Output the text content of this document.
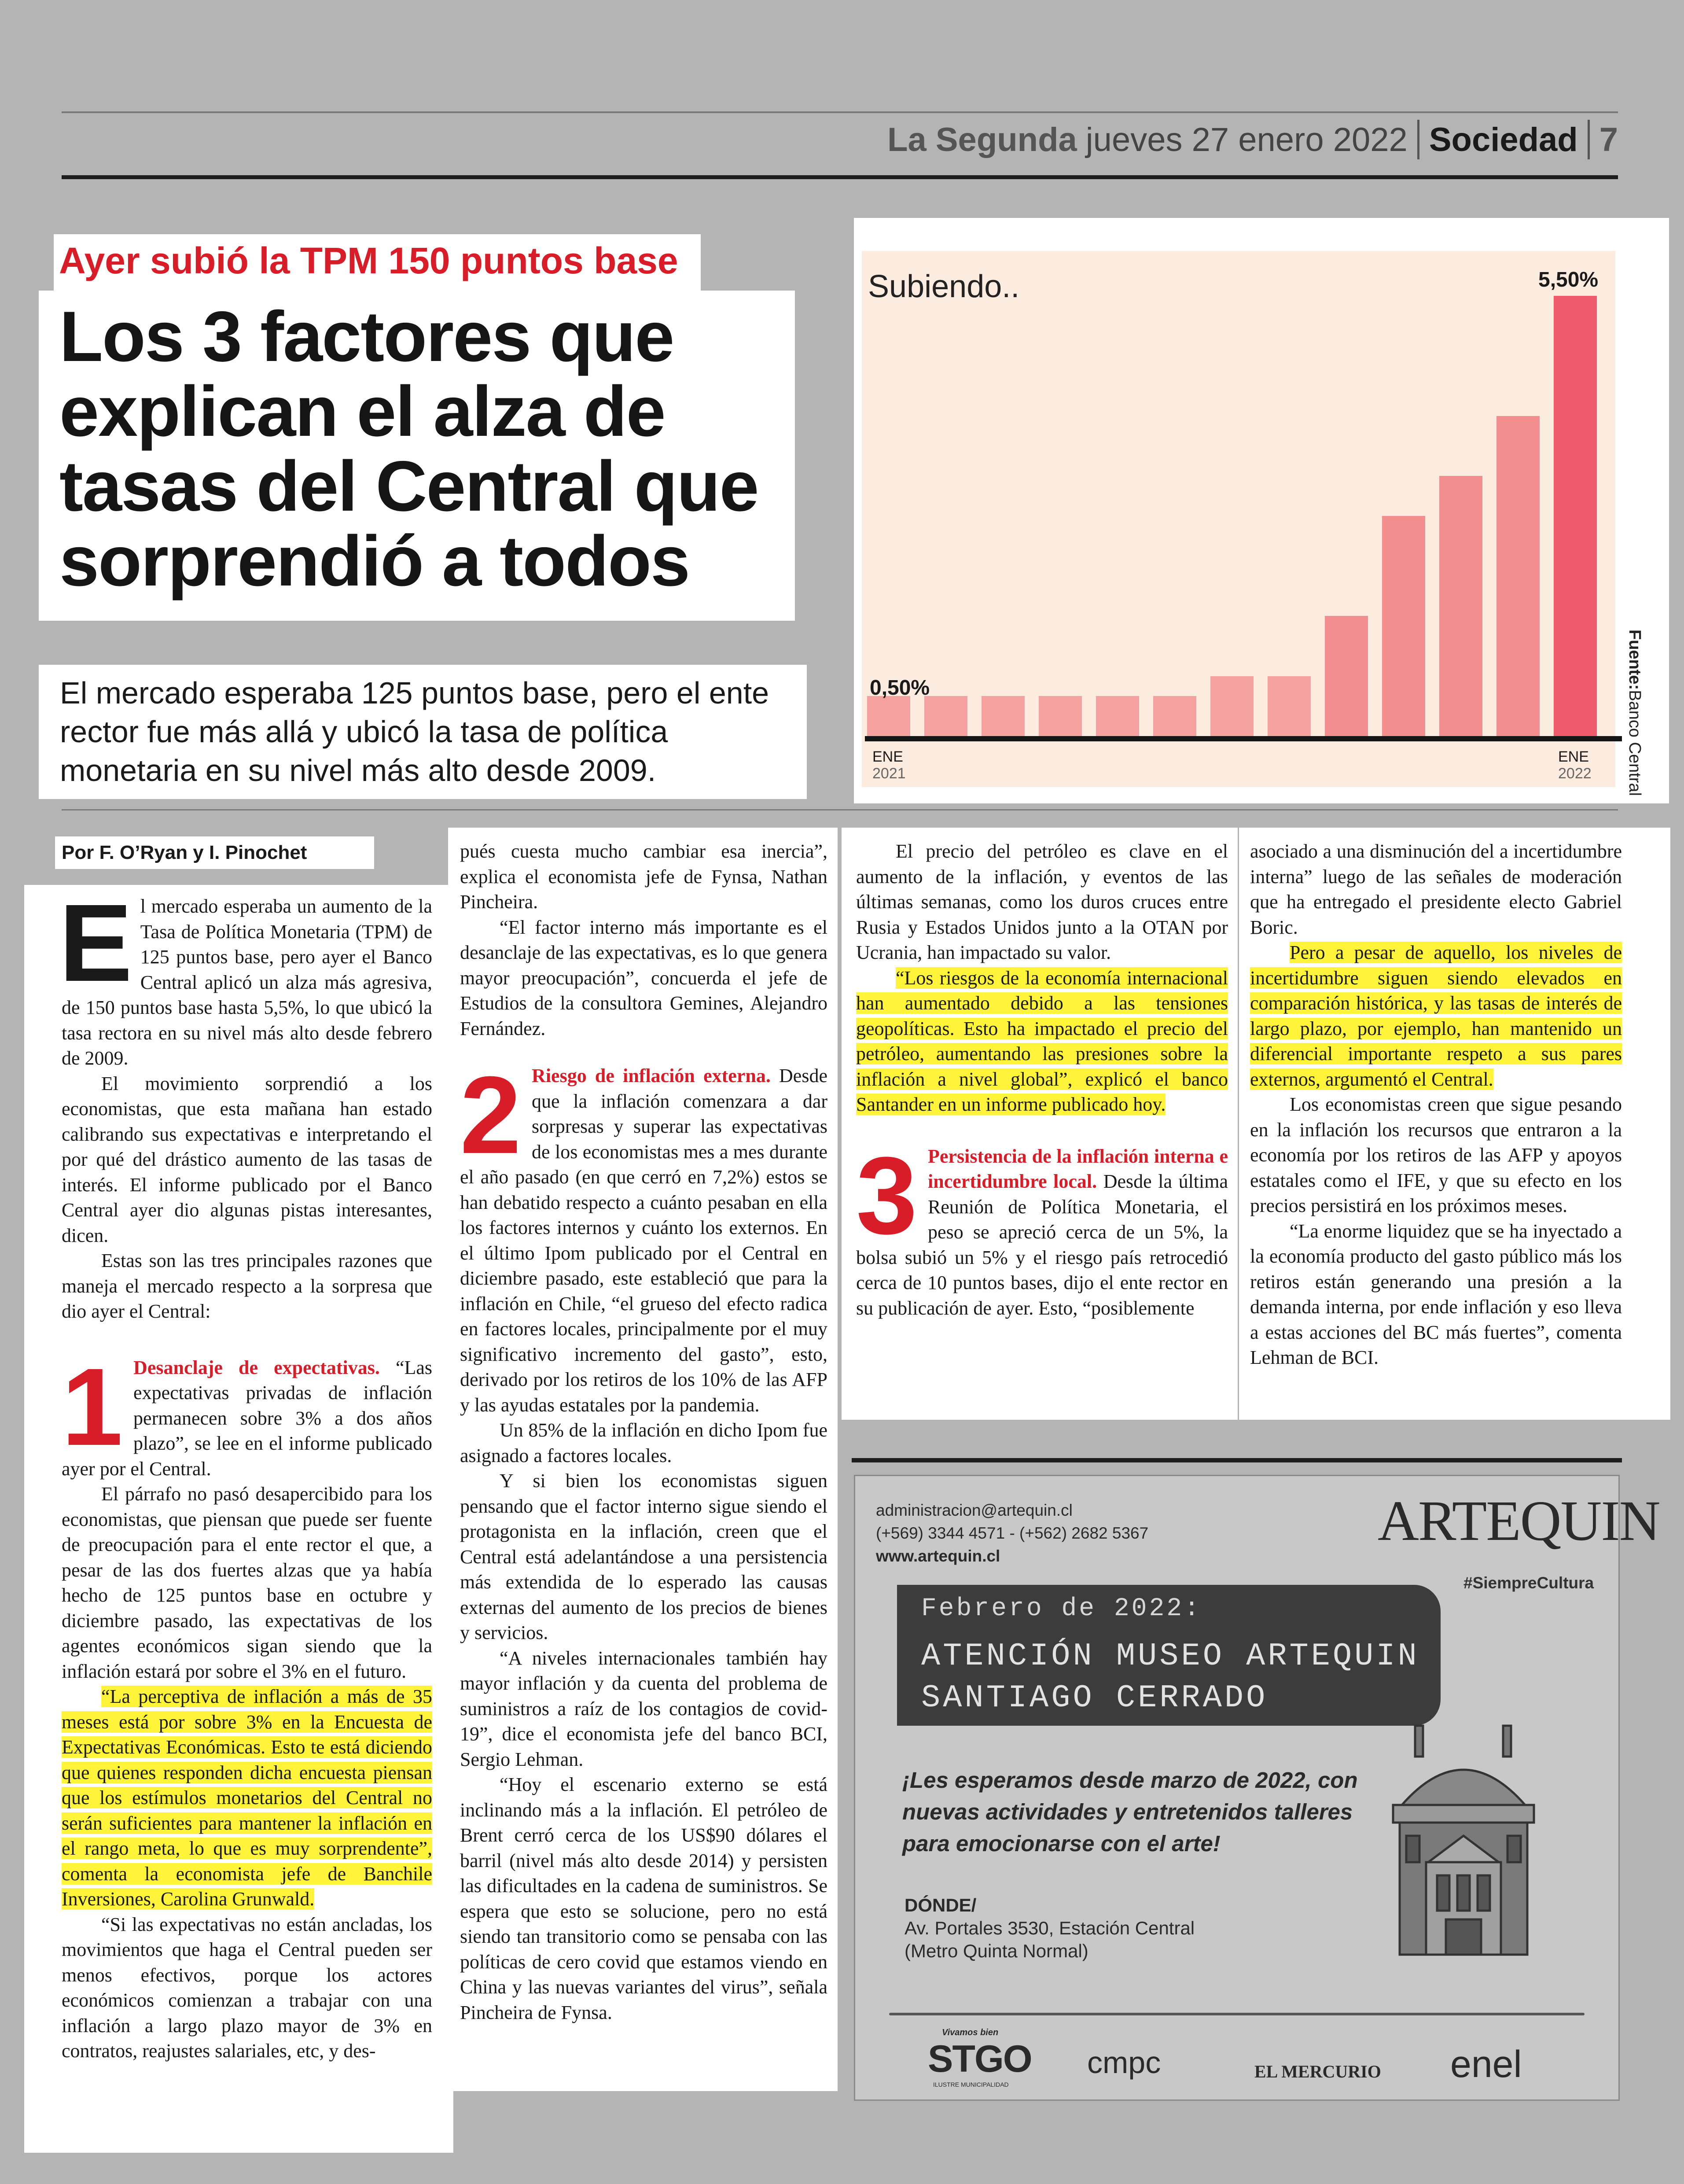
La Segunda jueves 27 enero 2022 Sociedad 7
Ayer subió la TPM 150 puntos base
Los 3 factores que explican el alza de tasas del Central que sorprendió a todos
El mercado esperaba 125 puntos base, pero el ente rector fue más allá y ubicó la tasa de política monetaria en su nivel más alto desde 2009.
Subiendo..
0,50%
5,50%
ENE
2021
ENE
2022
Fuente:Banco Central
Por F. O’Ryan y I. Pinochet

El mercado esperaba un aumento de la Tasa de Política Monetaria (TPM) de 125 puntos base, pero ayer el Banco Central aplicó un alza más agresiva, de 150 puntos base hasta 5,5%, lo que ubicó la tasa rectora en su nivel más alto desde febrero de 2009.

El movimiento sorprendió a los economistas, que esta mañana han estado calibrando sus expectativas e interpretando el por qué del drástico aumento de las tasas de interés. El informe publicado por el Banco Central ayer dio algunas pistas interesantes, dicen.

Estas son las tres principales razones que maneja el mercado respecto a la sorpresa que dio ayer el Central:

1 Desanclaje de expectativas. “Las expectativas privadas de inflación permanecen sobre 3% a dos años plazo”, se lee en el informe publicado ayer por el Central.

El párrafo no pasó desapercibido para los economistas, que piensan que puede ser fuente de preocupación para el ente rector el que, a pesar de las dos fuertes alzas que ya había hecho de 125 puntos base en octubre y diciembre pasado, las expectativas de los agentes económicos sigan siendo que la inflación estará por sobre el 3% en el futuro.

“La perceptiva de inflación a más de 35 meses está por sobre 3% en la Encuesta de Expectativas Económicas. Esto te está diciendo que quienes responden dicha encuesta piensan que los estímulos monetarios del Central no serán suficientes para mantener la inflación en el rango meta, lo que es muy sorprendente”, comenta la economista jefe de Banchile Inversiones, Carolina Grunwald.

“Si las expectativas no están ancladas, los movimientos que haga el Central pueden ser menos efectivos, porque los actores económicos comienzan a trabajar con una inflación a largo plazo mayor de 3% en contratos, reajustes salariales, etc, y des-

pués cuesta mucho cambiar esa inercia”, explica el economista jefe de Fynsa, Nathan Pincheira.

“El factor interno más importante es el desanclaje de las expectativas, es lo que genera mayor preocupación”, concuerda el jefe de Estudios de la consultora Gemines, Alejandro Fernández.

2 Riesgo de inflación externa. Desde que la inflación comenzara a dar sorpresas y superar las expectativas de los economistas mes a mes durante el año pasado (en que cerró en 7,2%) estos se han debatido respecto a cuánto pesaban en ella los factores internos y cuánto los externos. En el último Ipom publicado por el Central en diciembre pasado, este estableció que para la inflación en Chile, “el grueso del efecto radica en factores locales, principalmente por el muy significativo incremento del gasto”, esto, derivado por los retiros de los 10% de las AFP y las ayudas estatales por la pandemia.

Un 85% de la inflación en dicho Ipom fue asignado a factores locales.

Y si bien los economistas siguen pensando que el factor interno sigue siendo el protagonista en la inflación, creen que el Central está adelantándose a una persistencia más extendida de lo esperado las causas externas del aumento de los precios de bienes y servicios.

“A niveles internacionales también hay mayor inflación y da cuenta del problema de suministros a raíz de los contagios de covid-19”, dice el economista jefe del banco BCI, Sergio Lehman.

“Hoy el escenario externo se está inclinando más a la inflación. El petróleo de Brent cerró cerca de los US$90 dólares el barril (nivel más alto desde 2014) y persisten las dificultades en la cadena de suministros. Se espera que esto se solucione, pero no está siendo tan transitorio como se pensaba con las políticas de cero covid que estamos viendo en China y las nuevas variantes del virus”, señala Pincheira de Fynsa.

El precio del petróleo es clave en el aumento de la inflación, y eventos de las últimas semanas, como los duros cruces entre Rusia y Estados Unidos junto a la OTAN por Ucrania, han impactado su valor.

“Los riesgos de la economía internacional han aumentado debido a las tensiones geopolíticas. Esto ha impactado el precio del petróleo, aumentando las presiones sobre la inflación a nivel global”, explicó el banco Santander en un informe publicado hoy.

3 Persistencia de la inflación interna e incertidumbre local. Desde la última Reunión de Política Monetaria, el peso se apreció cerca de un 5%, la bolsa subió un 5% y el riesgo país retrocedió cerca de 10 puntos bases, dijo el ente rector en su publicación de ayer. Esto, “posiblemente

asociado a una disminución del a incertidumbre interna” luego de las señales de moderación que ha entregado el presidente electo Gabriel Boric.

Pero a pesar de aquello, los niveles de incertidumbre siguen siendo elevados en comparación histórica, y las tasas de interés de largo plazo, por ejemplo, han mantenido un diferencial importante respeto a sus pares externos, argumentó el Central.

Los economistas creen que sigue pesando en la inflación los recursos que entraron a la economía por los retiros de las AFP y apoyos estatales como el IFE, y que su efecto en los precios persistirá en los próximos meses.

“La enorme liquidez que se ha inyectado a la economía producto del gasto público más los retiros están generando una presión a la demanda interna, por ende inflación y eso lleva a estas acciones del BC más fuertes”, comenta Lehman de BCI.

administracion@artequin.cl
(+569) 3344 4571 - (+562) 2682 5367
www.artequin.cl
ARTEQUIN
#SiempreCultura
Febrero de 2022:
ATENCIÓN MUSEO ARTEQUIN
SANTIAGO CERRADO
¡Les esperamos desde marzo de 2022, con nuevas actividades y entretenidos talleres para emocionarse con el arte!
DÓNDE/
Av. Portales 3530, Estación Central
(Metro Quinta Normal)
Vivamos bien
STGO
ILUSTRE MUNICIPALIDAD
cmpc	EL MERCURIO enel
